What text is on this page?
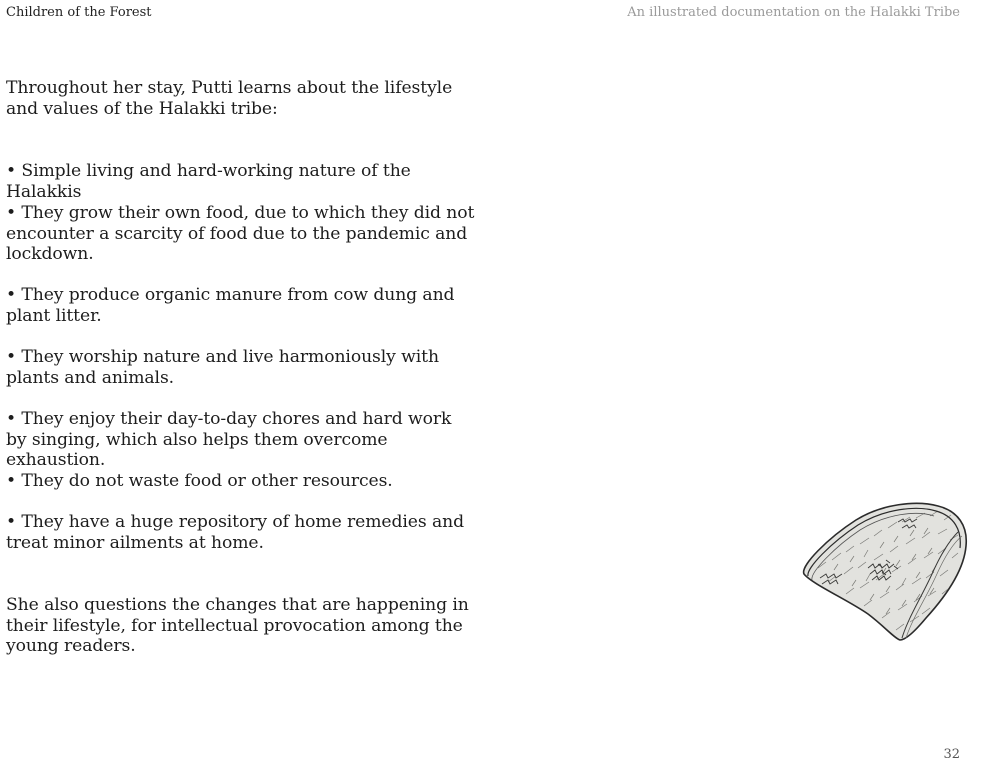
Children of the Forest	An illustrated documentation on the Halakki Tribe

Throughout her stay, Putti learns about the lifestyle and values of the Halakki tribe:

• Simple living and hard-working nature of the Halakkis

• They grow their own food, due to which they did not encounter a scarcity of food due to the pandemic and lockdown.

• They produce organic manure from cow dung and plant litter.

• They worship nature and live harmoniously with plants and animals.

• They enjoy their day-to-day chores and hard work by singing, which also helps them overcome exhaustion.

• They do not waste food or other resources.

• They have a huge repository of home remedies and treat minor ailments at home.

She also questions the changes that are happening in their lifestyle, for intellectual provocation among the young readers.

32
